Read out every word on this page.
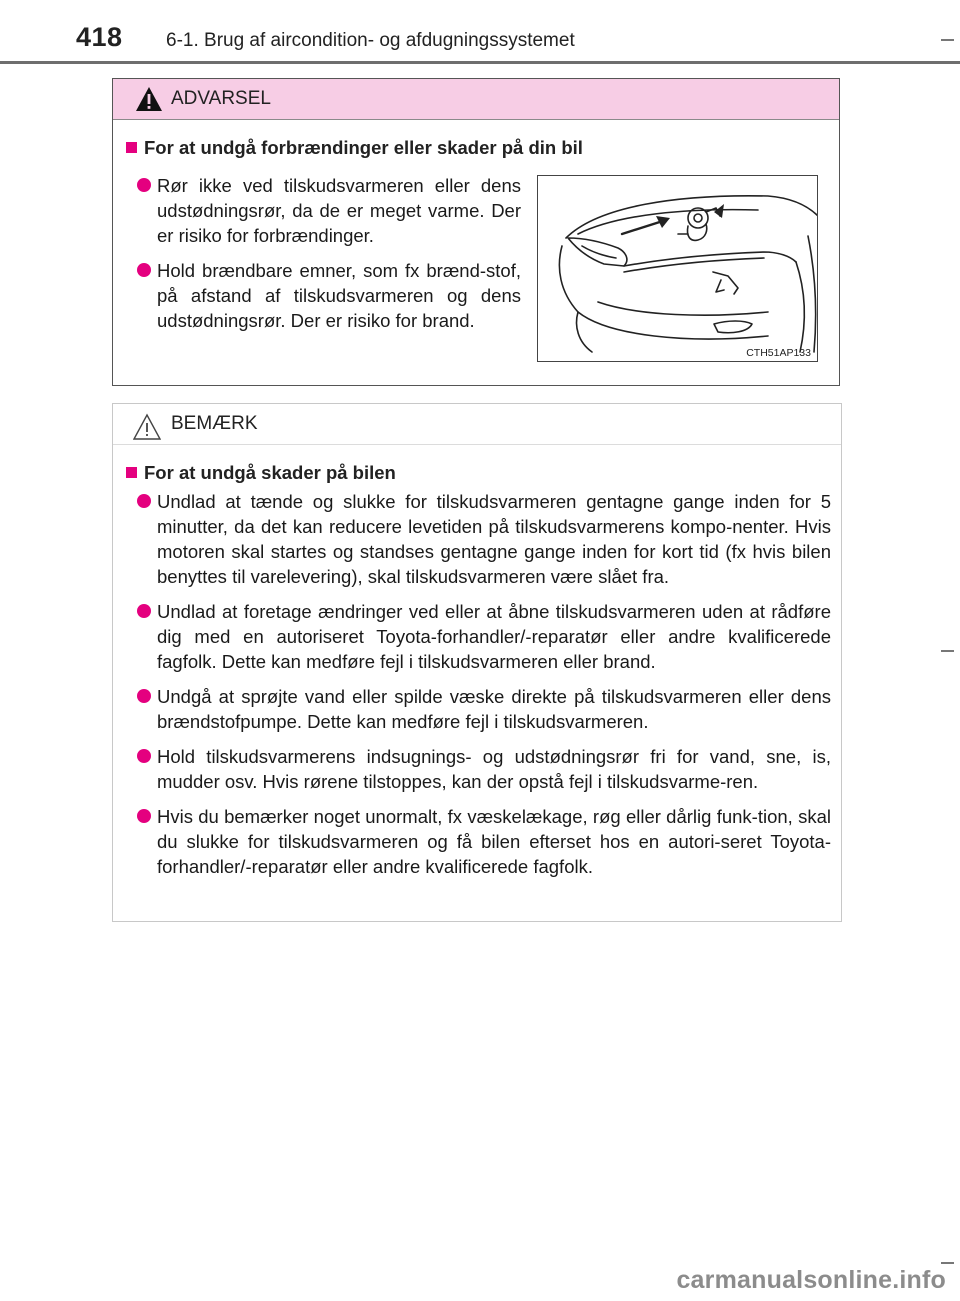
418 6-1. Brug af aircondition- og afdugningssystemet
ADVARSEL
For at undgå forbrændinger eller skader på din bil
Rør ikke ved tilskudsvarmeren eller dens udstødningsrør, da de er meget varme. Der er risiko for forbrændinger.
Hold brændbare emner, som fx brænd-stof, på afstand af tilskudsvarmeren og dens udstødningsrør. Der er risiko for brand.
CTH51AP133
BEMÆRK
For at undgå skader på bilen
Undlad at tænde og slukke for tilskudsvarmeren gentagne gange inden for 5 minutter, da det kan reducere levetiden på tilskudsvarmerens kompo-nenter. Hvis motoren skal startes og standses gentagne gange inden for kort tid (fx hvis bilen benyttes til varelevering), skal tilskudsvarmeren være slået fra.
Undlad at foretage ændringer ved eller at åbne tilskudsvarmeren uden at rådføre dig med en autoriseret Toyota-forhandler/-reparatør eller andre kvalificerede fagfolk. Dette kan medføre fejl i tilskudsvarmeren eller brand.
Undgå at sprøjte vand eller spilde væske direkte på tilskudsvarmeren eller dens brændstofpumpe. Dette kan medføre fejl i tilskudsvarmeren.
Hold tilskudsvarmerens indsugnings- og udstødningsrør fri for vand, sne, is, mudder osv. Hvis rørene tilstoppes, kan der opstå fejl i tilskudsvarme-ren.
Hvis du bemærker noget unormalt, fx væskelækage, røg eller dårlig funk-tion, skal du slukke for tilskudsvarmeren og få bilen efterset hos en autori-seret Toyota-forhandler/-reparatør eller andre kvalificerede fagfolk.
carmanualsonline.info
